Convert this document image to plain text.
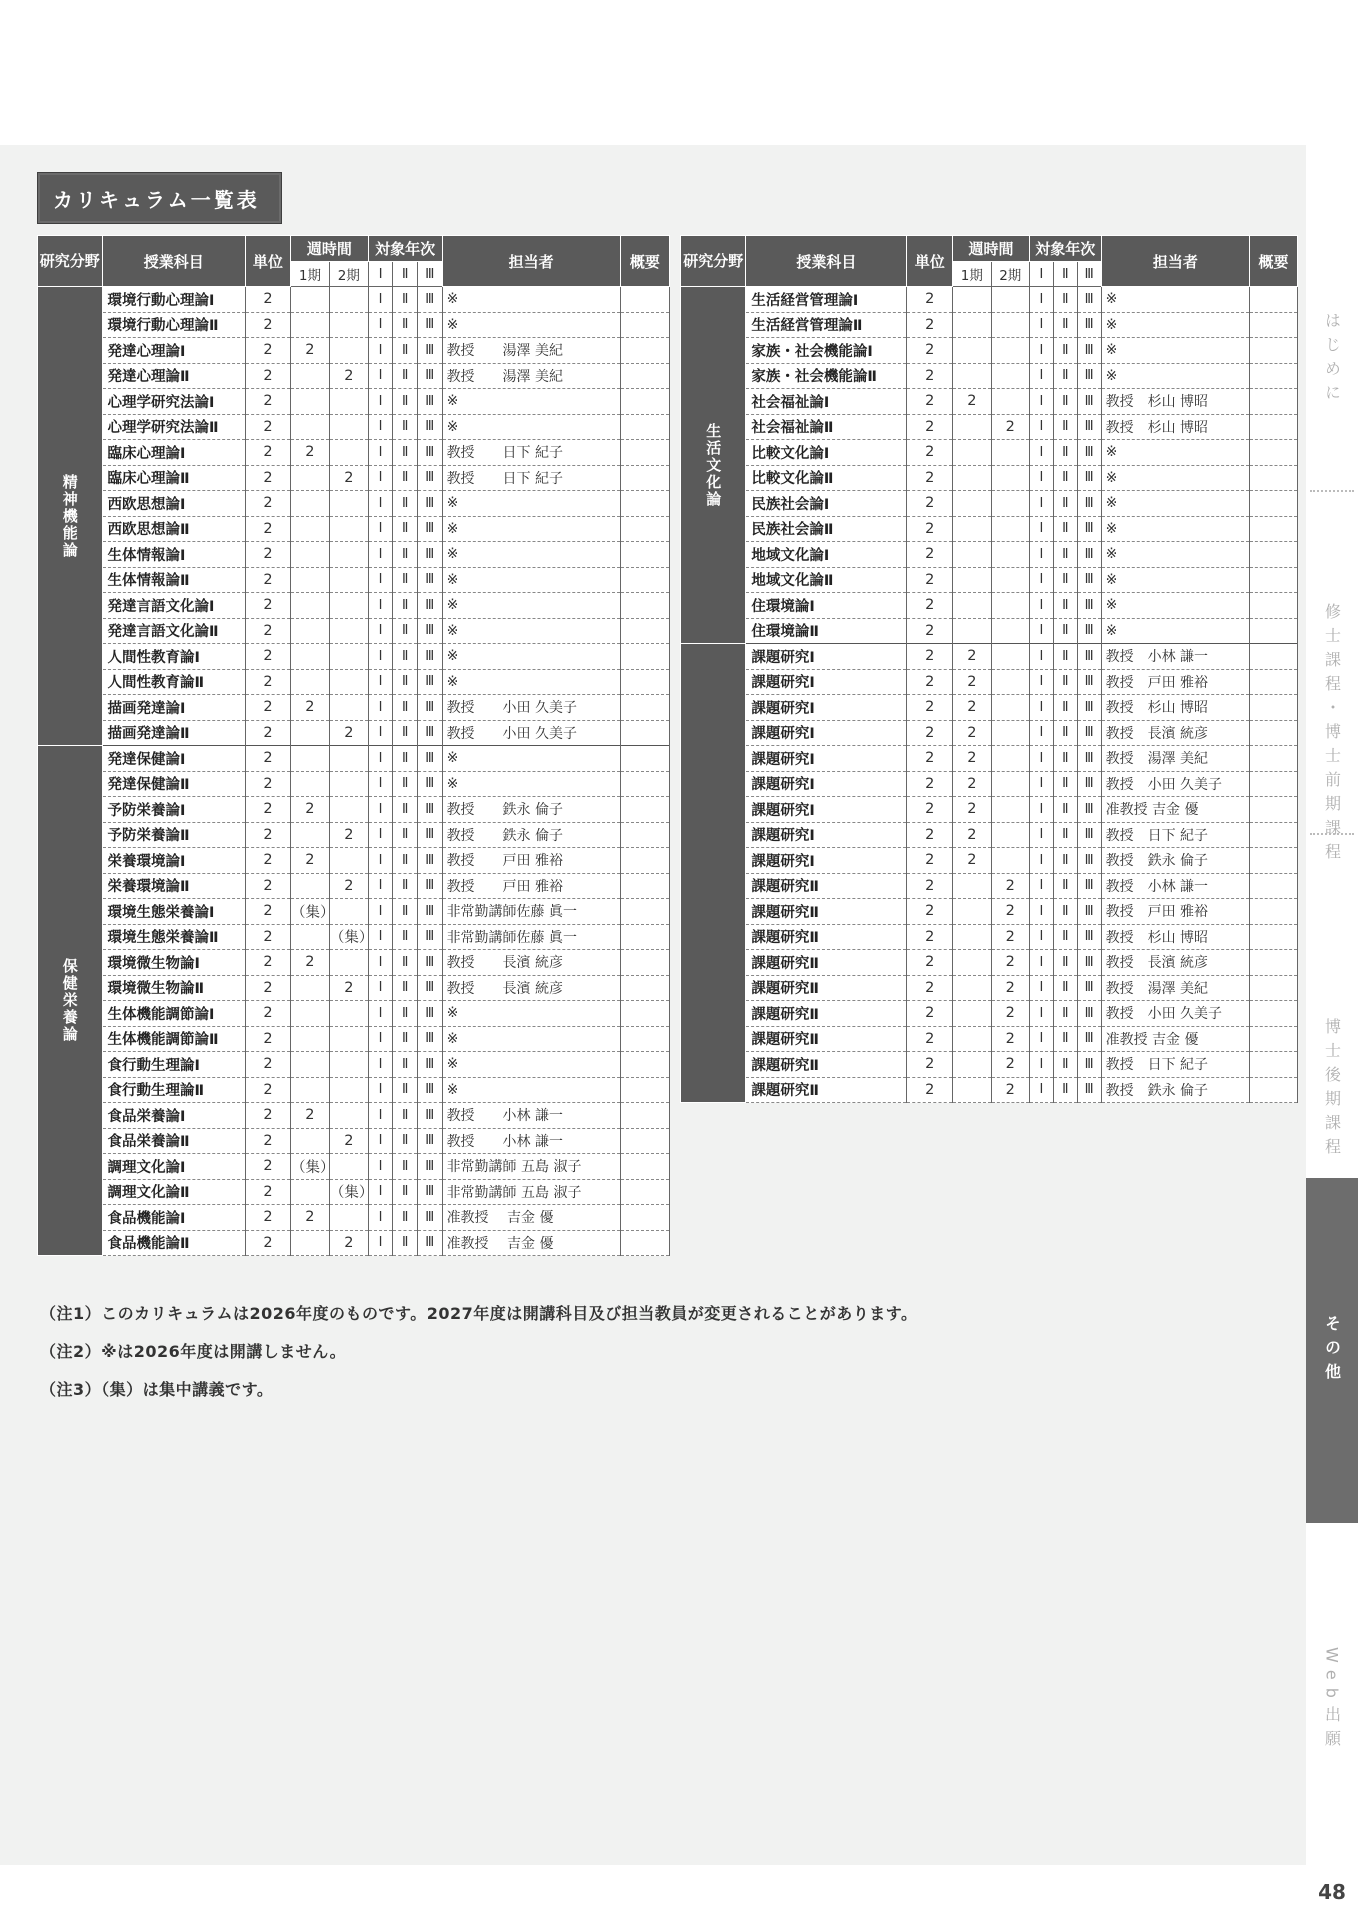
カリキュラム一覧表
研究分野	授業科目	単位	週時間		対象年次			担当者	概要
			1期	2期	Ⅰ	Ⅱ	Ⅲ		
精神機能論	環境行動心理論Ⅰ	2			Ⅰ	Ⅱ	Ⅲ	※	
	環境行動心理論Ⅱ	2			Ⅰ	Ⅱ	Ⅲ	※	
	発達心理論Ⅰ	2	2		Ⅰ	Ⅱ	Ⅲ	教授　　湯澤 美紀	
	発達心理論Ⅱ	2		2	Ⅰ	Ⅱ	Ⅲ	教授　　湯澤 美紀	
	心理学研究法論Ⅰ	2			Ⅰ	Ⅱ	Ⅲ	※	
	心理学研究法論Ⅱ	2			Ⅰ	Ⅱ	Ⅲ	※	
	臨床心理論Ⅰ	2	2		Ⅰ	Ⅱ	Ⅲ	教授　　日下 紀子	
	臨床心理論Ⅱ	2		2	Ⅰ	Ⅱ	Ⅲ	教授　　日下 紀子	
	西欧思想論Ⅰ	2			Ⅰ	Ⅱ	Ⅲ	※	
	西欧思想論Ⅱ	2			Ⅰ	Ⅱ	Ⅲ	※	
	生体情報論Ⅰ	2			Ⅰ	Ⅱ	Ⅲ	※	
	生体情報論Ⅱ	2			Ⅰ	Ⅱ	Ⅲ	※	
	発達言語文化論Ⅰ	2			Ⅰ	Ⅱ	Ⅲ	※	
	発達言語文化論Ⅱ	2			Ⅰ	Ⅱ	Ⅲ	※	
	人間性教育論Ⅰ	2			Ⅰ	Ⅱ	Ⅲ	※	
	人間性教育論Ⅱ	2			Ⅰ	Ⅱ	Ⅲ	※	
	描画発達論Ⅰ	2	2		Ⅰ	Ⅱ	Ⅲ	教授　　小田 久美子	
	描画発達論Ⅱ	2		2	Ⅰ	Ⅱ	Ⅲ	教授　　小田 久美子	
保健栄養論	発達保健論Ⅰ	2			Ⅰ	Ⅱ	Ⅲ	※	
	発達保健論Ⅱ	2			Ⅰ	Ⅱ	Ⅲ	※	
	予防栄養論Ⅰ	2	2		Ⅰ	Ⅱ	Ⅲ	教授　　鉄永 倫子	
	予防栄養論Ⅱ	2		2	Ⅰ	Ⅱ	Ⅲ	教授　　鉄永 倫子	
	栄養環境論Ⅰ	2	2		Ⅰ	Ⅱ	Ⅲ	教授　　戸田 雅裕	
	栄養環境論Ⅱ	2		2	Ⅰ	Ⅱ	Ⅲ	教授　　戸田 雅裕	
	環境生態栄養論Ⅰ	2	（集）		Ⅰ	Ⅱ	Ⅲ	非常勤講師佐藤 眞一	
	環境生態栄養論Ⅱ	2		（集）	Ⅰ	Ⅱ	Ⅲ	非常勤講師佐藤 眞一	
	環境微生物論Ⅰ	2	2		Ⅰ	Ⅱ	Ⅲ	教授　　長濱 統彦	
	環境微生物論Ⅱ	2		2	Ⅰ	Ⅱ	Ⅲ	教授　　長濱 統彦	
	生体機能調節論Ⅰ	2			Ⅰ	Ⅱ	Ⅲ	※	
	生体機能調節論Ⅱ	2			Ⅰ	Ⅱ	Ⅲ	※	
	食行動生理論Ⅰ	2			Ⅰ	Ⅱ	Ⅲ	※	
	食行動生理論Ⅱ	2			Ⅰ	Ⅱ	Ⅲ	※	
	食品栄養論Ⅰ	2	2		Ⅰ	Ⅱ	Ⅲ	教授　　小林 謙一	
	食品栄養論Ⅱ	2		2	Ⅰ	Ⅱ	Ⅲ	教授　　小林 謙一	
	調理文化論Ⅰ	2	（集）		Ⅰ	Ⅱ	Ⅲ	非常勤講師 五島 淑子	
	調理文化論Ⅱ	2		（集）	Ⅰ	Ⅱ	Ⅲ	非常勤講師 五島 淑子	
	食品機能論Ⅰ	2	2		Ⅰ	Ⅱ	Ⅲ	准教授　 吉金 優	
	食品機能論Ⅱ	2		2	Ⅰ	Ⅱ	Ⅲ	准教授　 吉金 優	
研究分野	授業科目	単位	週時間		対象年次			担当者	概要
			1期	2期	Ⅰ	Ⅱ	Ⅲ		
生活文化論	生活経営管理論Ⅰ	2			Ⅰ	Ⅱ	Ⅲ	※	
	生活経営管理論Ⅱ	2			Ⅰ	Ⅱ	Ⅲ	※	
	家族・社会機能論Ⅰ	2			Ⅰ	Ⅱ	Ⅲ	※	
	家族・社会機能論Ⅱ	2			Ⅰ	Ⅱ	Ⅲ	※	
	社会福祉論Ⅰ	2	2		Ⅰ	Ⅱ	Ⅲ	教授　杉山 博昭	
	社会福祉論Ⅱ	2		2	Ⅰ	Ⅱ	Ⅲ	教授　杉山 博昭	
	比較文化論Ⅰ	2			Ⅰ	Ⅱ	Ⅲ	※	
	比較文化論Ⅱ	2			Ⅰ	Ⅱ	Ⅲ	※	
	民族社会論Ⅰ	2			Ⅰ	Ⅱ	Ⅲ	※	
	民族社会論Ⅱ	2			Ⅰ	Ⅱ	Ⅲ	※	
	地域文化論Ⅰ	2			Ⅰ	Ⅱ	Ⅲ	※	
	地域文化論Ⅱ	2			Ⅰ	Ⅱ	Ⅲ	※	
	住環境論Ⅰ	2			Ⅰ	Ⅱ	Ⅲ	※	
	住環境論Ⅱ	2			Ⅰ	Ⅱ	Ⅲ	※	
	課題研究Ⅰ	2	2		Ⅰ	Ⅱ	Ⅲ	教授　小林 謙一	
	課題研究Ⅰ	2	2		Ⅰ	Ⅱ	Ⅲ	教授　戸田 雅裕	
	課題研究Ⅰ	2	2		Ⅰ	Ⅱ	Ⅲ	教授　杉山 博昭	
	課題研究Ⅰ	2	2		Ⅰ	Ⅱ	Ⅲ	教授　長濱 統彦	
	課題研究Ⅰ	2	2		Ⅰ	Ⅱ	Ⅲ	教授　湯澤 美紀	
	課題研究Ⅰ	2	2		Ⅰ	Ⅱ	Ⅲ	教授　小田 久美子	
	課題研究Ⅰ	2	2		Ⅰ	Ⅱ	Ⅲ	准教授 吉金 優	
	課題研究Ⅰ	2	2		Ⅰ	Ⅱ	Ⅲ	教授　日下 紀子	
	課題研究Ⅰ	2	2		Ⅰ	Ⅱ	Ⅲ	教授　鉄永 倫子	
	課題研究Ⅱ	2		2	Ⅰ	Ⅱ	Ⅲ	教授　小林 謙一	
	課題研究Ⅱ	2		2	Ⅰ	Ⅱ	Ⅲ	教授　戸田 雅裕	
	課題研究Ⅱ	2		2	Ⅰ	Ⅱ	Ⅲ	教授　杉山 博昭	
	課題研究Ⅱ	2		2	Ⅰ	Ⅱ	Ⅲ	教授　長濱 統彦	
	課題研究Ⅱ	2		2	Ⅰ	Ⅱ	Ⅲ	教授　湯澤 美紀	
	課題研究Ⅱ	2		2	Ⅰ	Ⅱ	Ⅲ	教授　小田 久美子	
	課題研究Ⅱ	2		2	Ⅰ	Ⅱ	Ⅲ	准教授 吉金 優	
	課題研究Ⅱ	2		2	Ⅰ	Ⅱ	Ⅲ	教授　日下 紀子	
	課題研究Ⅱ	2		2	Ⅰ	Ⅱ	Ⅲ	教授　鉄永 倫子	
（注1）このカリキュラムは2026年度のものです。2027年度は開講科目及び担当教員が変更されることがあります。
（注2）※は2026年度は開講しません。
（注3）（集）は集中講義です。
はじめに
修士課程・博士前期課程
博士後期課程
その他
Web出願
48
